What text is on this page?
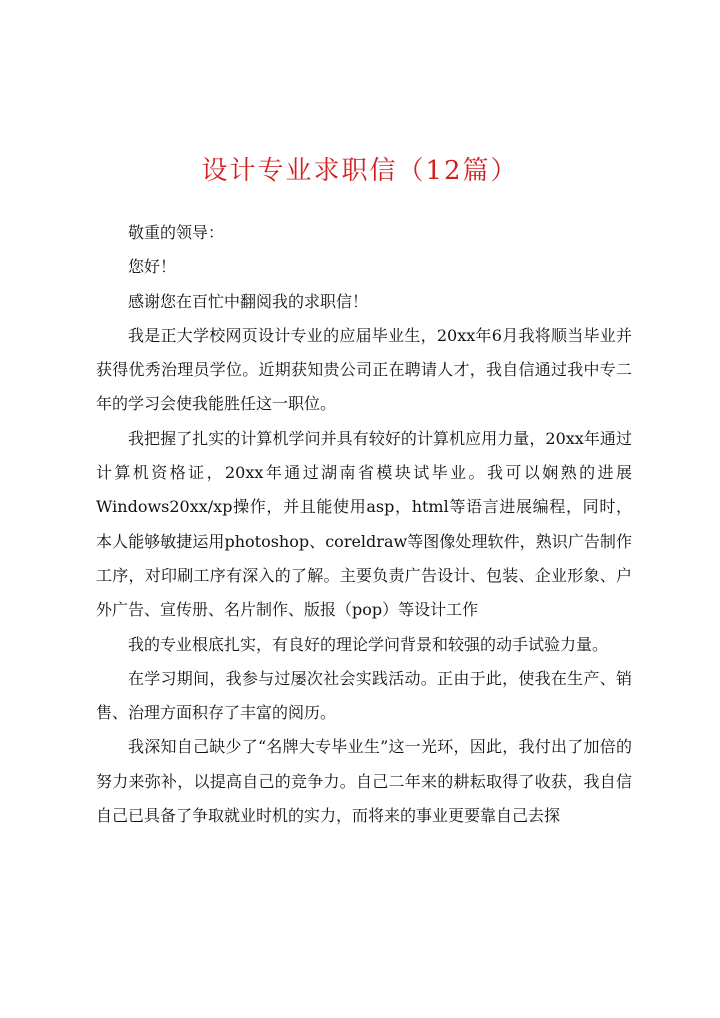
设计专业求职信（12篇）

敬重的领导：

您好！

感谢您在百忙中翻阅我的求职信！

我是正大学校网页设计专业的应届毕业生，20xx年6月我将顺当毕业并获得优秀治理员学位。近期获知贵公司正在聘请人才，我自信通过我中专二年的学习会使我能胜任这一职位。

我把握了扎实的计算机学问并具有较好的计算机应用力量，20xx年通过计算机资格证，20xx年通过湖南省模块试毕业。我可以娴熟的进展Windows20xx/xp操作，并且能使用asp，html等语言进展编程，同时，本人能够敏捷运用photoshop、coreldraw等图像处理软件，熟识广告制作工序，对印刷工序有深入的了解。主要负责广告设计、包装、企业形象、户外广告、宣传册、名片制作、版报（pop）等设计工作

我的专业根底扎实，有良好的理论学问背景和较强的动手试验力量。

在学习期间，我参与过屡次社会实践活动。正由于此，使我在生产、销售、治理方面积存了丰富的阅历。

我深知自己缺少了“名牌大专毕业生”这一光环，因此，我付出了加倍的努力来弥补，以提高自己的竞争力。自己二年来的耕耘取得了收获，我自信自己已具备了争取就业时机的实力，而将来的事业更要靠自己去探
